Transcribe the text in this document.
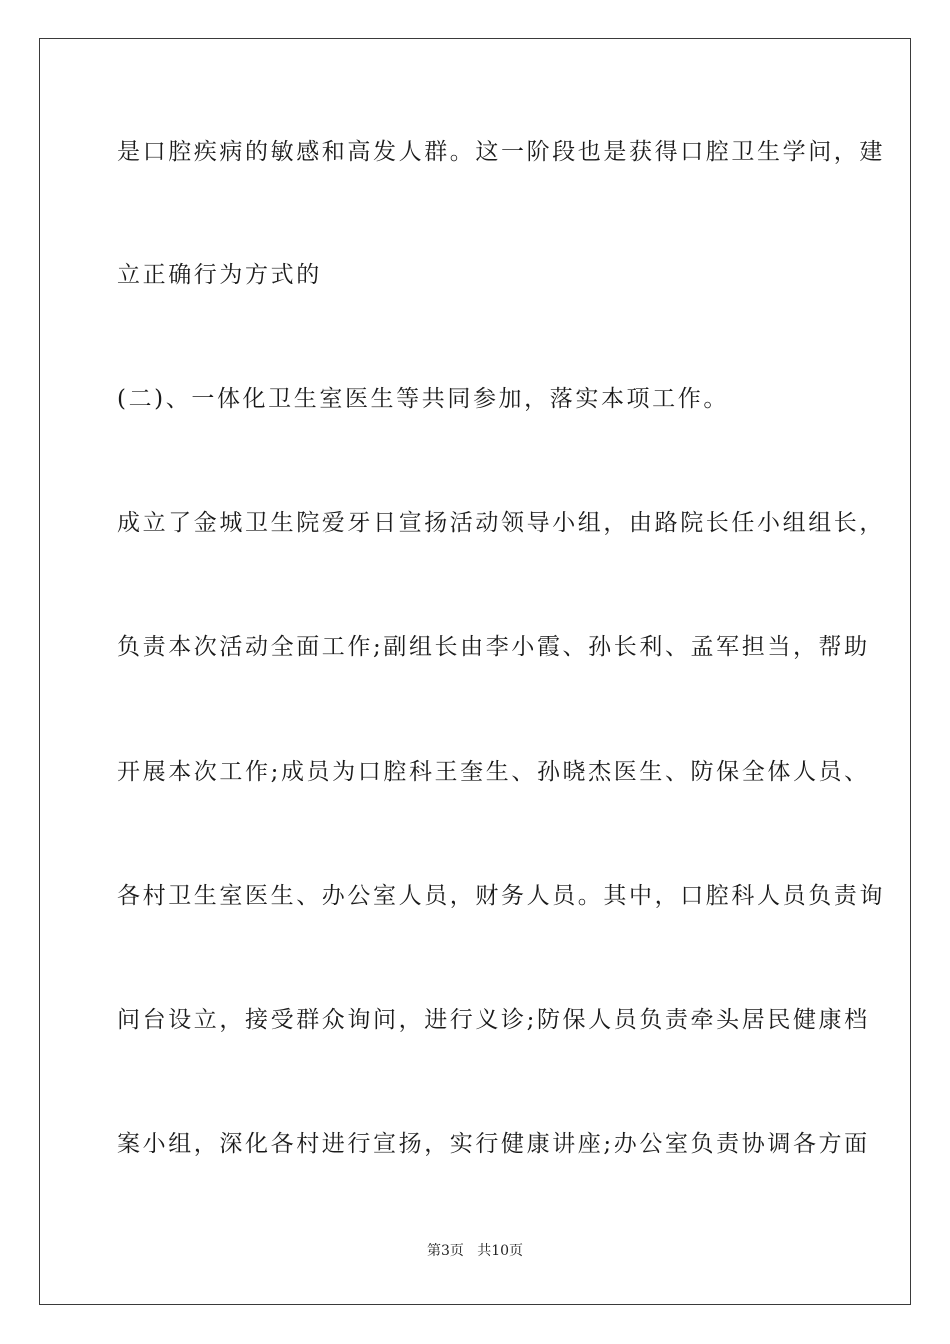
是口腔疾病的敏感和高发人群。这一阶段也是获得口腔卫生学问，建
立正确行为方式的
(二)、一体化卫生室医生等共同参加，落实本项工作。
成立了金城卫生院爱牙日宣扬活动领导小组，由路院长任小组组长，
负责本次活动全面工作;副组长由李小霞、孙长利、孟军担当，帮助
开展本次工作;成员为口腔科王奎生、孙晓杰医生、防保全体人员、
各村卫生室医生、办公室人员，财务人员。其中，口腔科人员负责询
问台设立，接受群众询问，进行义诊;防保人员负责牵头居民健康档
案小组，深化各村进行宣扬，实行健康讲座;办公室负责协调各方面
第3页   共10页
